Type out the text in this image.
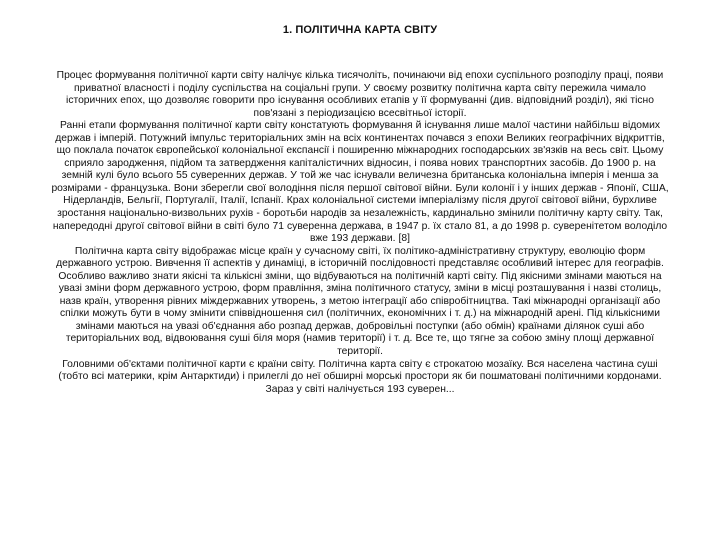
1. ПОЛІТИЧНА КАРТА СВІТУ

Процес формування політичної карти світу налічує кілька тисячоліть, починаючи від епохи суспільного розподілу праці, появи приватної власності і поділу суспільства на соціальні групи. У своєму розвитку політична карта світу пережила чимало історичних епох, що дозволяє говорити про існування особливих етапів у її формуванні (див. відповідний розділ), які тісно пов'язані з періодизацією всесвітньої історії.

Ранні етапи формування політичної карти світу констатують формування й існування лише малої частини найбільш відомих держав і імперій. Потужний імпульс територіальних змін на всіх континентах почався з епохи Великих географічних відкриттів, що поклала початок європейської колоніальної експансії і поширенню міжнародних господарських зв'язків на весь світ. Цьому сприяло зародження, підйом та затвердження капіталістичних відносин, і поява нових транспортних засобів. До 1900 р. на земній кулі було всього 55 суверенних держав. У той же час існували величезна британська колоніальна імперія і менша за розмірами - французька. Вони зберегли свої володіння після першої світової війни. Були колонії і у інших держав - Японії, США, Нідерландів, Бельгії, Португалії, Італії, Іспанії. Крах колоніальної системи імперіалізму після другої світової війни, бурхливе зростання національно-визвольних рухів - боротьби народів за незалежність, кардинально змінили політичну карту світу. Так, напередодні другої світової війни в світі було 71 суверенна держава, в 1947 р. їх стало 81, а до 1998 р. суверенітетом володіло вже 193 держави. [8]

Політична карта світу відображає місце країн у сучасному світі, їх політико-адміністративну структуру, еволюцію форм державного устрою. Вивчення її аспектів у динаміці, в історичній послідовності представляє особливий інтерес для географів. Особливо важливо знати якісні та кількісні зміни, що відбуваються на політичній карті світу. Під якісними змінами маються на увазі зміни форм державного устрою, форм правління, зміна політичного статусу, зміни в місці розташування і назві столиць, назв країн, утворення рівних міждержавних утворень, з метою інтеграції або співробітництва. Такі міжнародні організації або спілки можуть бути в чому змінити співвідношення сил (політичних, економічних і т. д.) на міжнародній арені. Під кількісними змінами маються на увазі об'єднання або розпад держав, добровільні поступки (або обмін) країнами ділянок суші або територіальних вод, відвоювання суші біля моря (намив території) і т. д. Все те, що тягне за собою зміну площі державної території.

Головними об'єктами політичної карти є країни світу. Політична карта світу є строкатою мозаїку. Вся населена частина суші (тобто всі материки, крім Антарктиди) і прилеглі до неї обширні морські простори як би пошматовані політичними кордонами. Зараз у світі налічується 193 суверен...
